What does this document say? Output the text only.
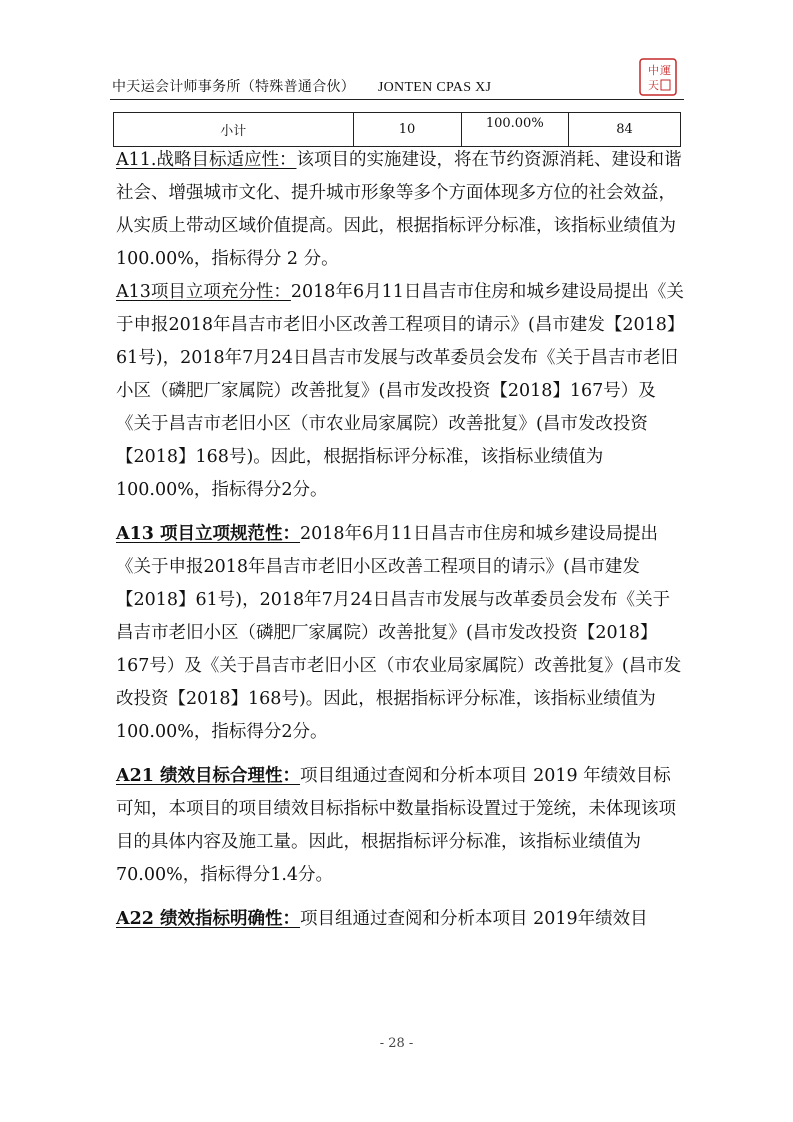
中天运会计师事务所（特殊普通合伙） JONTEN CPAS XJ
中 運
天
小计	10	100.00%	84

A11.战略目标适应性：该项目的实施建设，将在节约资源消耗、建设和谐社会、增强城市文化、提升城市形象等多个方面体现多方位的社会效益，从实质上带动区域价值提高。因此，根据指标评分标准，该指标业绩值为 100.00%，指标得分 2 分。

A13项目立项充分性：2018年6月11日昌吉市住房和城乡建设局提出《关于申报2018年昌吉市老旧小区改善工程项目的请示》(昌市建发【2018】61号)，2018年7月24日昌吉市发展与改革委员会发布《关于昌吉市老旧小区（磷肥厂家属院）改善批复》(昌市发改投资【2018】167号）及《关于昌吉市老旧小区（市农业局家属院）改善批复》(昌市发改投资【2018】168号)。因此，根据指标评分标准，该指标业绩值为 100.00%，指标得分2分。

A13 项目立项规范性：2018年6月11日昌吉市住房和城乡建设局提出《关于申报2018年昌吉市老旧小区改善工程项目的请示》(昌市建发【2018】61号)，2018年7月24日昌吉市发展与改革委员会发布《关于昌吉市老旧小区（磷肥厂家属院）改善批复》(昌市发改投资【2018】167号）及《关于昌吉市老旧小区（市农业局家属院）改善批复》(昌市发改投资【2018】168号)。因此，根据指标评分标准，该指标业绩值为 100.00%，指标得分2分。

A21 绩效目标合理性：项目组通过查阅和分析本项目 2019 年绩效目标可知，本项目的项目绩效目标指标中数量指标设置过于笼统，未体现该项目的具体内容及施工量。因此，根据指标评分标准，该指标业绩值为70.00%，指标得分1.4分。

A22 绩效指标明确性：项目组通过查阅和分析本项目 2019年绩效目

- 28 -
